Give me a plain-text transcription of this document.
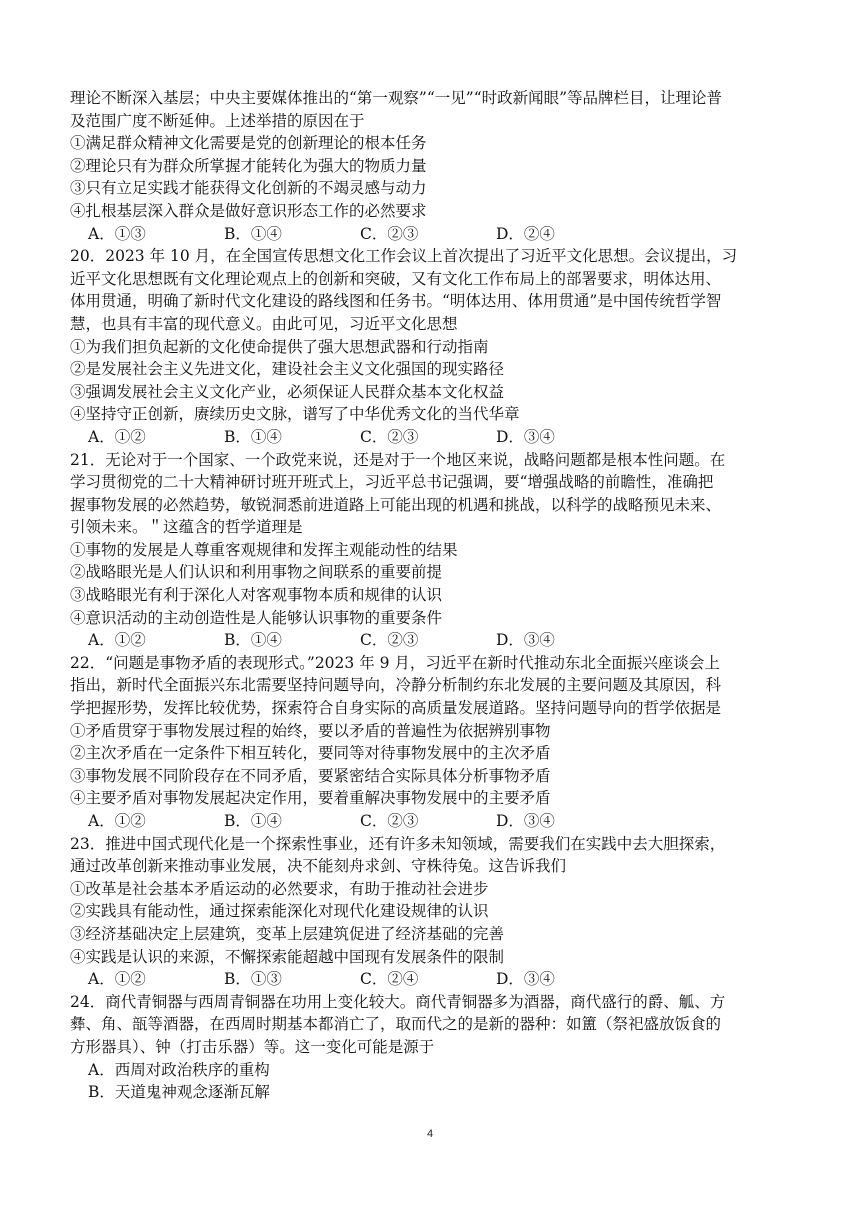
理论不断深入基层；中央主要媒体推出的“第一观察”“一见”“时政新闻眼”等品牌栏目，让理论普
及范围广度不断延伸。上述举措的原因在于
①满足群众精神文化需要是党的创新理论的根本任务
②理论只有为群众所掌握才能转化为强大的物质力量
③只有立足实践才能获得文化创新的不竭灵感与动力
④扎根基层深入群众是做好意识形态工作的必然要求
A．①③	B．①④	C．②③	D．②④
20．2023 年 10 月，在全国宣传思想文化工作会议上首次提出了习近平文化思想。会议提出，习
近平文化思想既有文化理论观点上的创新和突破，又有文化工作布局上的部署要求，明体达用、
体用贯通，明确了新时代文化建设的路线图和任务书。“明体达用、体用贯通”是中国传统哲学智
慧，也具有丰富的现代意义。由此可见，习近平文化思想
①为我们担负起新的文化使命提供了强大思想武器和行动指南
②是发展社会主义先进文化，建设社会主义文化强国的现实路径
③强调发展社会主义文化产业，必须保证人民群众基本文化权益
④坚持守正创新，赓续历史文脉，谱写了中华优秀文化的当代华章
A．①②	B．①④	C．②③	D．③④
21．无论对于一个国家、一个政党来说，还是对于一个地区来说，战略问题都是根本性问题。在
学习贯彻党的二十大精神研讨班开班式上，习近平总书记强调，要“增强战略的前瞻性，准确把
握事物发展的必然趋势，敏锐洞悉前进道路上可能出现的机遇和挑战，以科学的战略预见未来、
引领未来。＂这蕴含的哲学道理是
①事物的发展是人尊重客观规律和发挥主观能动性的结果
②战略眼光是人们认识和利用事物之间联系的重要前提
③战略眼光有利于深化人对客观事物本质和规律的认识
④意识活动的主动创造性是人能够认识事物的重要条件
A．①②	B．①④	C．②③	D．③④
22．“问题是事物矛盾的表现形式。”2023 年 9 月，习近平在新时代推动东北全面振兴座谈会上
指出，新时代全面振兴东北需要坚持问题导向，冷静分析制约东北发展的主要问题及其原因，科
学把握形势，发挥比较优势，探索符合自身实际的高质量发展道路。坚持问题导向的哲学依据是
①矛盾贯穿于事物发展过程的始终，要以矛盾的普遍性为依据辨别事物
②主次矛盾在一定条件下相互转化，要同等对待事物发展中的主次矛盾
③事物发展不同阶段存在不同矛盾，要紧密结合实际具体分析事物矛盾
④主要矛盾对事物发展起决定作用，要着重解决事物发展中的主要矛盾
A．①②	B．①④	C．②③	D．③④
23．推进中国式现代化是一个探索性事业，还有许多未知领域，需要我们在实践中去大胆探索，
通过改革创新来推动事业发展，决不能刻舟求剑、守株待兔。这告诉我们
①改革是社会基本矛盾运动的必然要求，有助于推动社会进步
②实践具有能动性，通过探索能深化对现代化建设规律的认识
③经济基础决定上层建筑，变革上层建筑促进了经济基础的完善
④实践是认识的来源，不懈探索能超越中国现有发展条件的限制
A．①②	B．①③	C．②④	D．③④
24．商代青铜器与西周青铜器在功用上变化较大。商代青铜器多为酒器，商代盛行的爵、觚、方
彝、角、瓿等酒器，在西周时期基本都消亡了，取而代之的是新的器种：如簠（祭祀盛放饭食的
方形器具）、钟（打击乐器）等。这一变化可能是源于
A．西周对政治秩序的重构
B．天道鬼神观念逐渐瓦解
4
